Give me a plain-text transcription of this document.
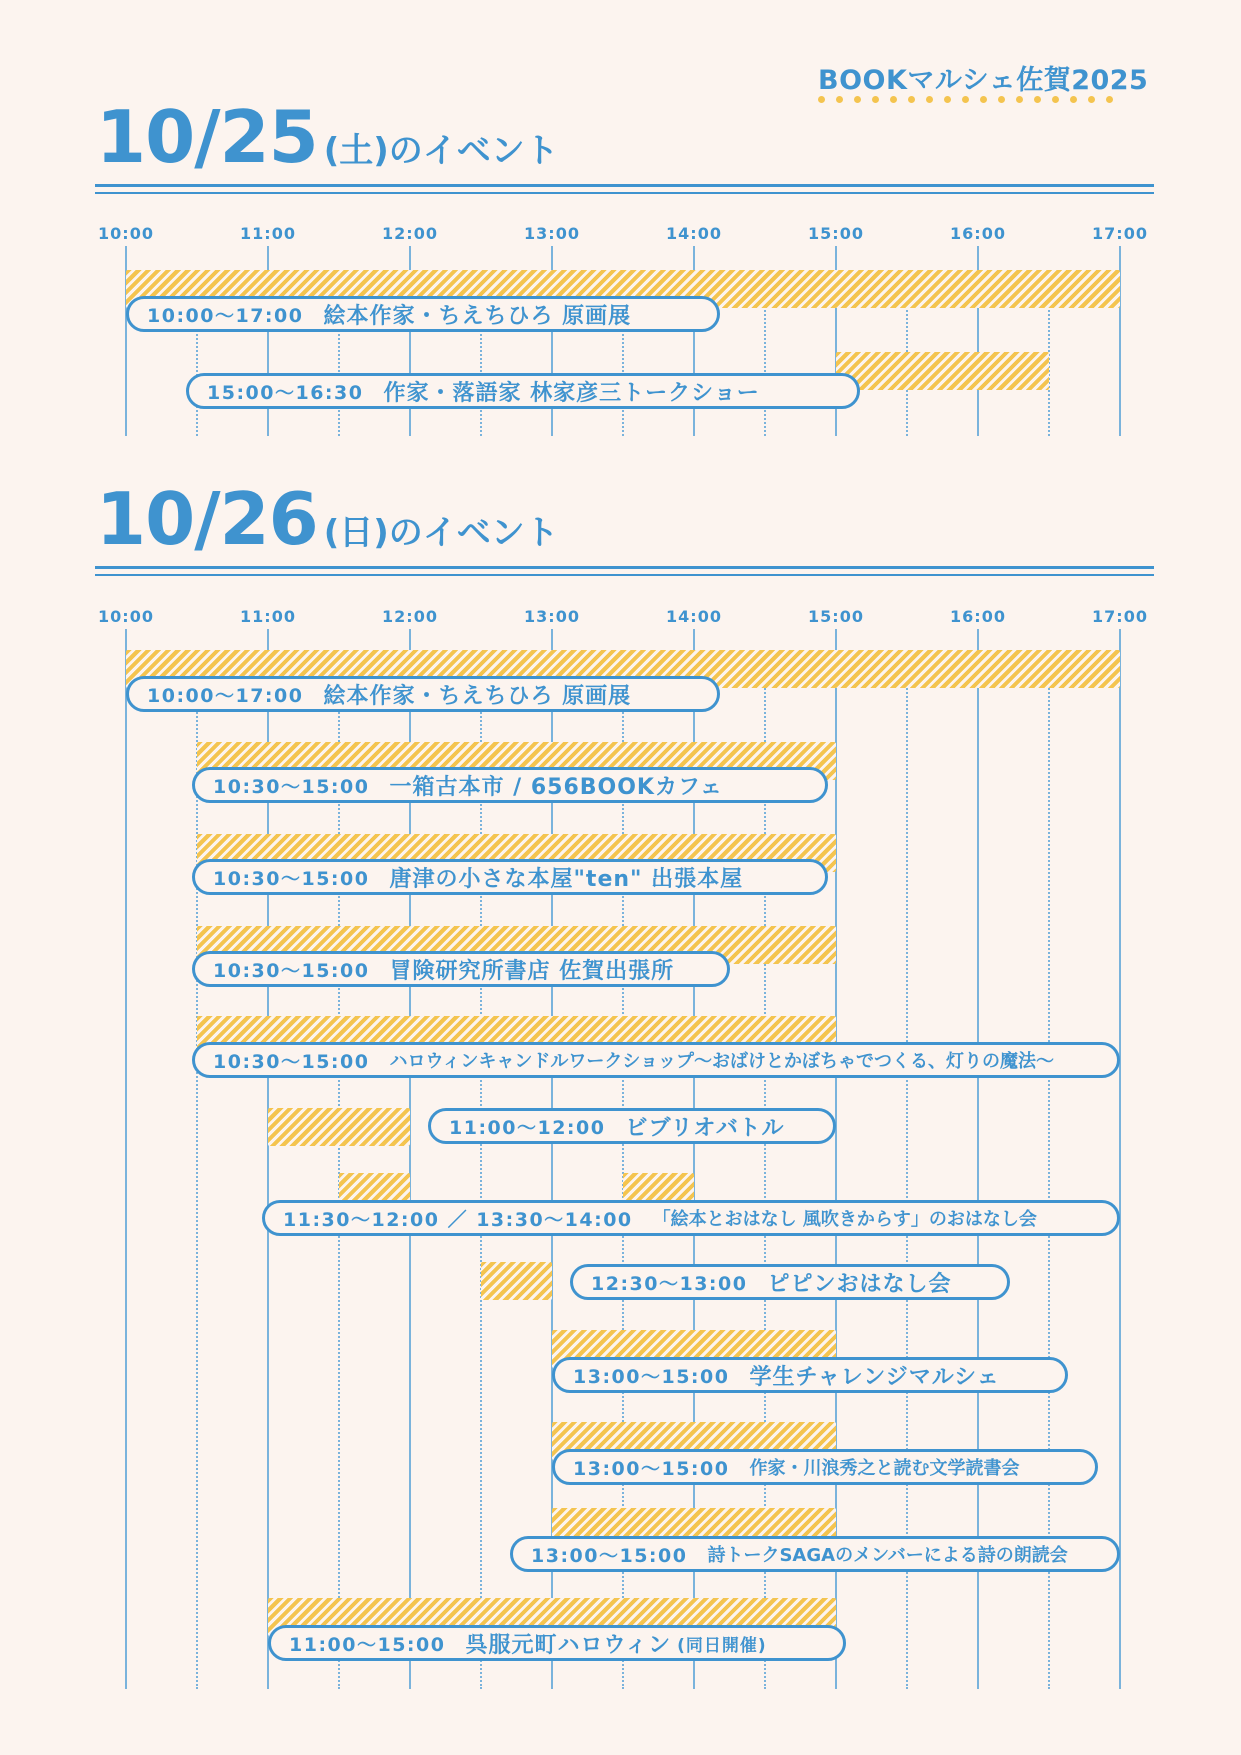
BOOKマルシェ佐賀2025
10/25 (土)のイベント
10:00	11:00	12:00	13:00	14:00	15:00	16:00	17:00
10:00〜17:00 絵本作家・ちえちひろ 原画展
15:00〜16:30 作家・落語家 林家彦三トークショー
10/26 (日)のイベント
10:00	11:00	12:00	13:00	14:00	15:00	16:00	17:00
10:00〜17:00 絵本作家・ちえちひろ 原画展
10:30〜15:00 一箱古本市 / 656BOOKカフェ
10:30〜15:00 唐津の小さな本屋"ten" 出張本屋
10:30〜15:00 冒険研究所書店 佐賀出張所
10:30〜15:00 ハロウィンキャンドルワークショップ〜おばけとかぼちゃでつくる、灯りの魔法〜
11:00〜12:00 ビブリオバトル
11:30〜12:00 ／ 13:30〜14:00 「絵本とおはなし 風吹きからす」のおはなし会
12:30〜13:00 ピピンおはなし会
13:00〜15:00 学生チャレンジマルシェ
13:00〜15:00 作家・川浪秀之と読む文学読書会
13:00〜15:00 詩トークSAGAのメンバーによる詩の朗読会
11:00〜15:00 呉服元町ハロウィン (同日開催)
